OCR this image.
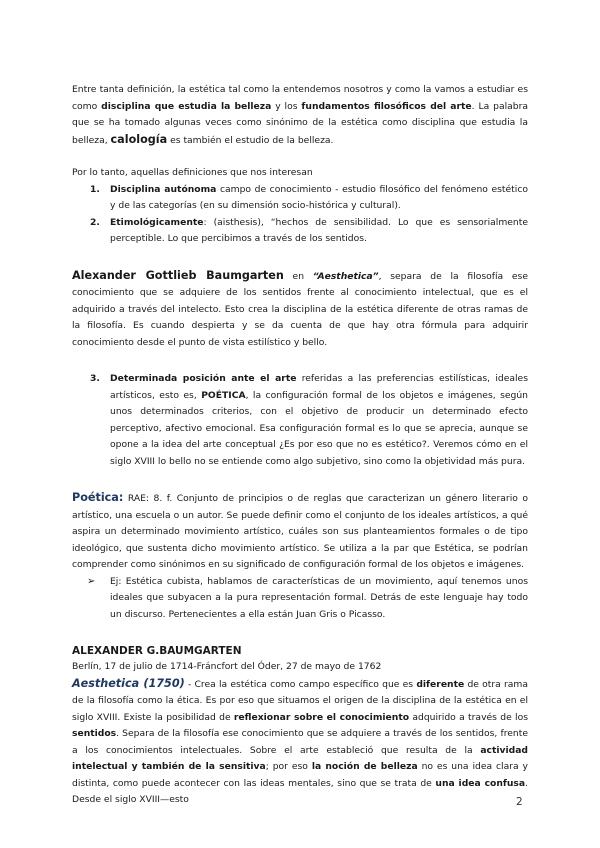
Entre tanta definición, la estética tal como la entendemos nosotros y como la vamos a estudiar es como disciplina que estudia la belleza y los fundamentos filosóficos del arte. La palabra que se ha tomado algunas veces como sinónimo de la estética como disciplina que estudia la belleza, calología es también el estudio de la belleza.

Por lo tanto, aquellas definiciones que nos interesan

1. Disciplina autónoma campo de conocimiento - estudio filosófico del fenómeno estético y de las categorías (en su dimensión socio-histórica y cultural).
2. Etimológicamente: (aisthesis), “hechos de sensibilidad. Lo que es sensorialmente perceptible. Lo que percibimos a través de los sentidos.

Alexander Gottlieb Baumgarten en “Aesthetica”, separa de la filosofía ese conocimiento que se adquiere de los sentidos frente al conocimiento intelectual, que es el adquirido a través del intelecto. Esto crea la disciplina de la estética diferente de otras ramas de la filosofía. Es cuando despierta y se da cuenta de que hay otra fórmula para adquirir conocimiento desde el punto de vista estilístico y bello.

3. Determinada posición ante el arte referidas a las preferencias estilísticas, ideales artísticos, esto es, POÉTICA, la configuración formal de los objetos e imágenes, según unos determinados criterios, con el objetivo de producir un determinado efecto perceptivo, afectivo emocional. Esa configuración formal es lo que se aprecia, aunque se opone a la idea del arte conceptual ¿Es por eso que no es estético?. Veremos cómo en el siglo XVIII lo bello no se entiende como algo subjetivo, sino como la objetividad más pura.

Poética: RAE: 8. f. Conjunto de principios o de reglas que caracterizan un género literario o artístico, una escuela o un autor. Se puede definir como el conjunto de los ideales artísticos, a qué aspira un determinado movimiento artístico, cuáles son sus planteamientos formales o de tipo ideológico, que sustenta dicho movimiento artístico. Se utiliza a la par que Estética, se podrían comprender como sinónimos en su significado de configuración formal de los objetos e imágenes.

➢ Ej: Estética cubista, hablamos de características de un movimiento, aquí tenemos unos ideales que subyacen a la pura representación formal. Detrás de este lenguaje hay todo un discurso. Pertenecientes a ella están Juan Gris o Picasso.

ALEXANDER G.BAUMGARTEN

Berlín, 17 de julio de 1714-Fráncfort del Óder, 27 de mayo de 1762

Aesthetica (1750) - Crea la estética como campo específico que es diferente de otra rama de la filosofía como la ética. Es por eso que situamos el origen de la disciplina de la estética en el siglo XVIII. Existe la posibilidad de reflexionar sobre el conocimiento adquirido a través de los sentidos. Separa de la filosofía ese conocimiento que se adquiere a través de los sentidos, frente a los conocimientos intelectuales. Sobre el arte estableció que resulta de la actividad intelectual y también de la sensitiva; por eso la noción de belleza no es una idea clara y distinta, como puede acontecer con las ideas mentales, sino que se trata de una idea confusa. Desde el siglo XVIII—esto	2
